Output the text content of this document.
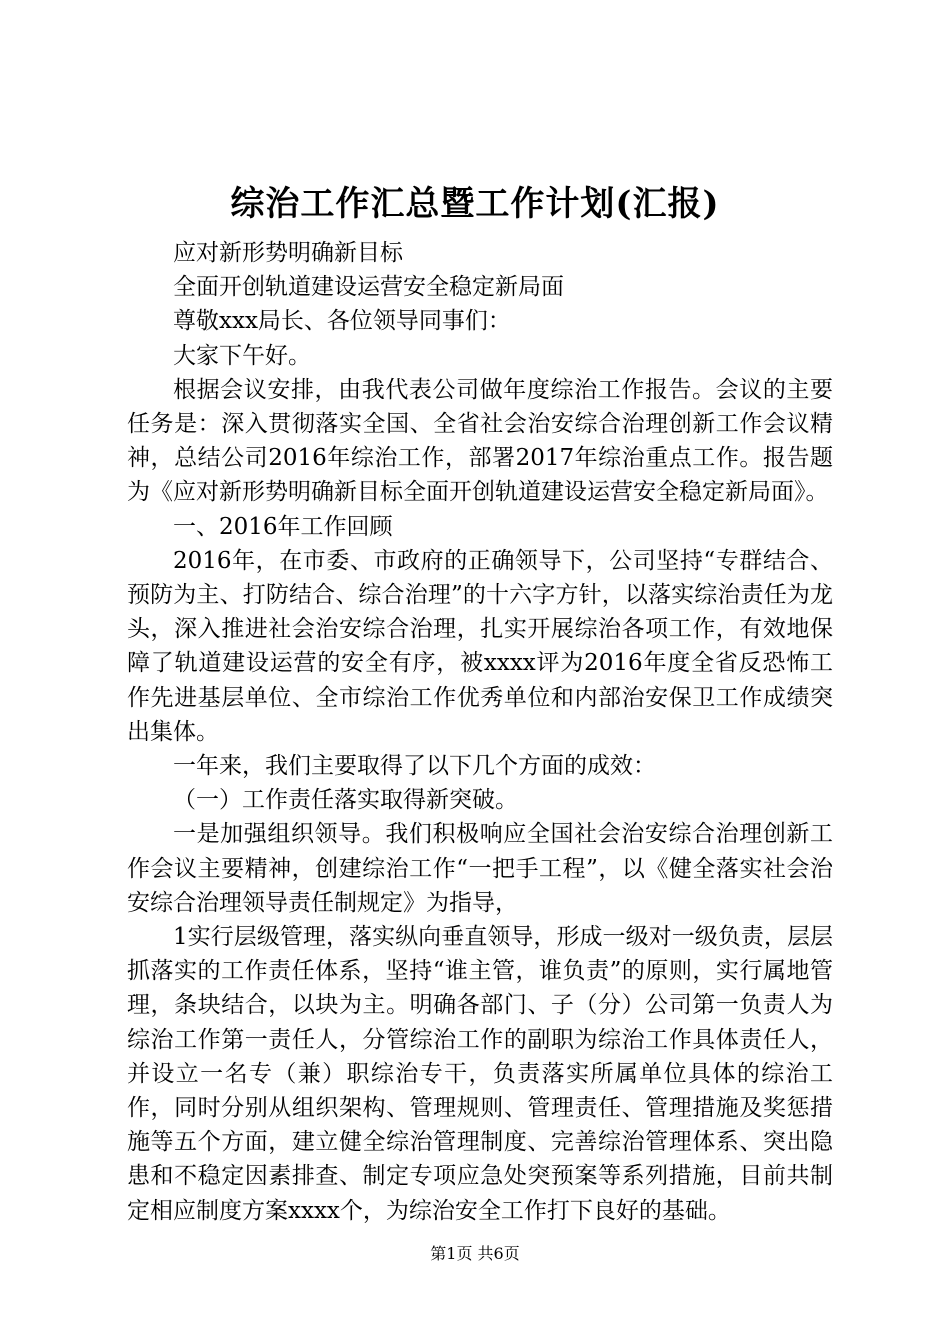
综治工作汇总暨工作计划(汇报)

应对新形势明确新目标

全面开创轨道建设运营安全稳定新局面

尊敬xxx局长、各位领导同事们：

大家下午好。

根据会议安排，由我代表公司做年度综治工作报告。会议的主要任务是：深入贯彻落实全国、全省社会治安综合治理创新工作会议精神，总结公司2016年综治工作，部署2017年综治重点工作。报告题为《应对新形势明确新目标全面开创轨道建设运营安全稳定新局面》。

一、2016年工作回顾

2016年，在市委、市政府的正确领导下，公司坚持“专群结合、预防为主、打防结合、综合治理”的十六字方针，以落实综治责任为龙头，深入推进社会治安综合治理，扎实开展综治各项工作，有效地保障了轨道建设运营的安全有序，被xxxx评为2016年度全省反恐怖工作先进基层单位、全市综治工作优秀单位和内部治安保卫工作成绩突出集体。

一年来，我们主要取得了以下几个方面的成效：

（一）工作责任落实取得新突破。

一是加强组织领导。我们积极响应全国社会治安综合治理创新工作会议主要精神，创建综治工作“一把手工程”，以《健全落实社会治安综合治理领导责任制规定》为指导，

1实行层级管理，落实纵向垂直领导，形成一级对一级负责，层层抓落实的工作责任体系，坚持“谁主管，谁负责”的原则，实行属地管理，条块结合，以块为主。明确各部门、子（分）公司第一负责人为综治工作第一责任人，分管综治工作的副职为综治工作具体责任人，并设立一名专（兼）职综治专干，负责落实所属单位具体的综治工作，同时分别从组织架构、管理规则、管理责任、管理措施及奖惩措施等五个方面，建立健全综治管理制度、完善综治管理体系、突出隐患和不稳定因素排查、制定专项应急处突预案等系列措施，目前共制定相应制度方案xxxx个，为综治安全工作打下良好的基础。

第1页 共6页
